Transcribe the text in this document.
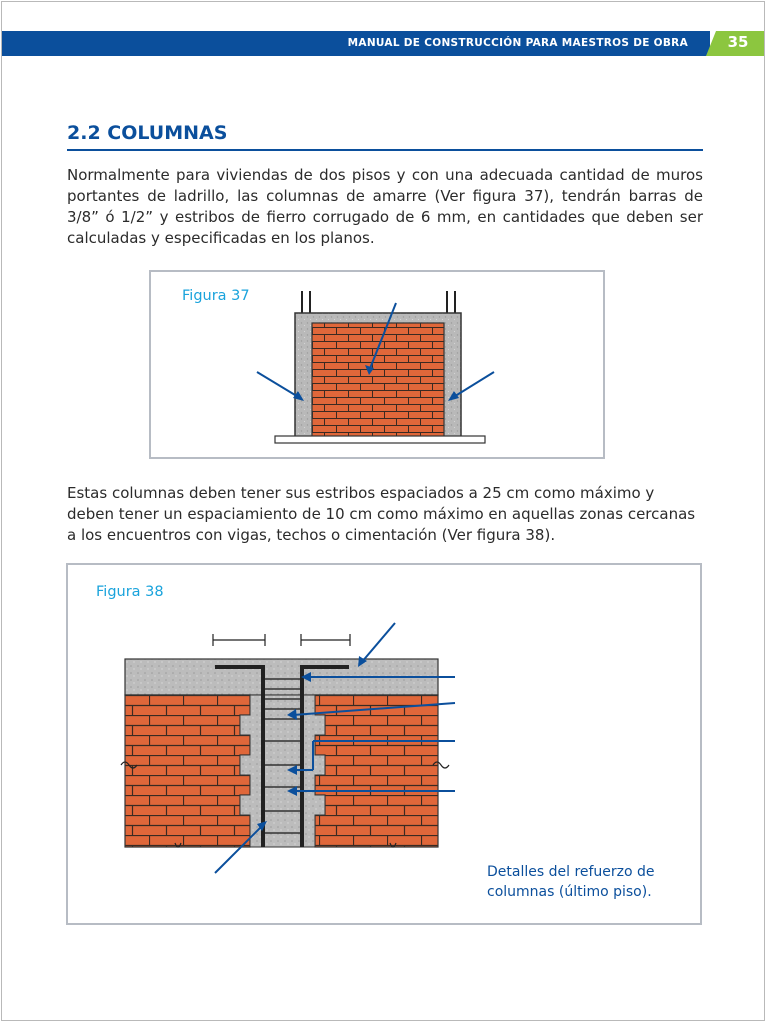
MANUAL DE CONSTRUCCIÓN PARA MAESTROS DE OBRA	35
2.2 COLUMNAS

Normalmente para viviendas de dos pisos y con una adecuada cantidad de muros portantes de ladrillo, las columnas de amarre (Ver figura 37), tendrán barras de 3/8” ó 1/2” y estribos de fierro corrugado de 6 mm, en cantidades que deben ser calculadas y especificadas en los planos.

Figura 37

Estas columnas deben tener sus estribos espaciados a 25 cm como máximo y deben tener un espaciamiento de 10 cm como máximo en aquellas zonas cercanas a los encuentros con vigas, techos o cimentación (Ver figura 38).

Figura 38

Detalles del refuerzo de
columnas (último piso).
